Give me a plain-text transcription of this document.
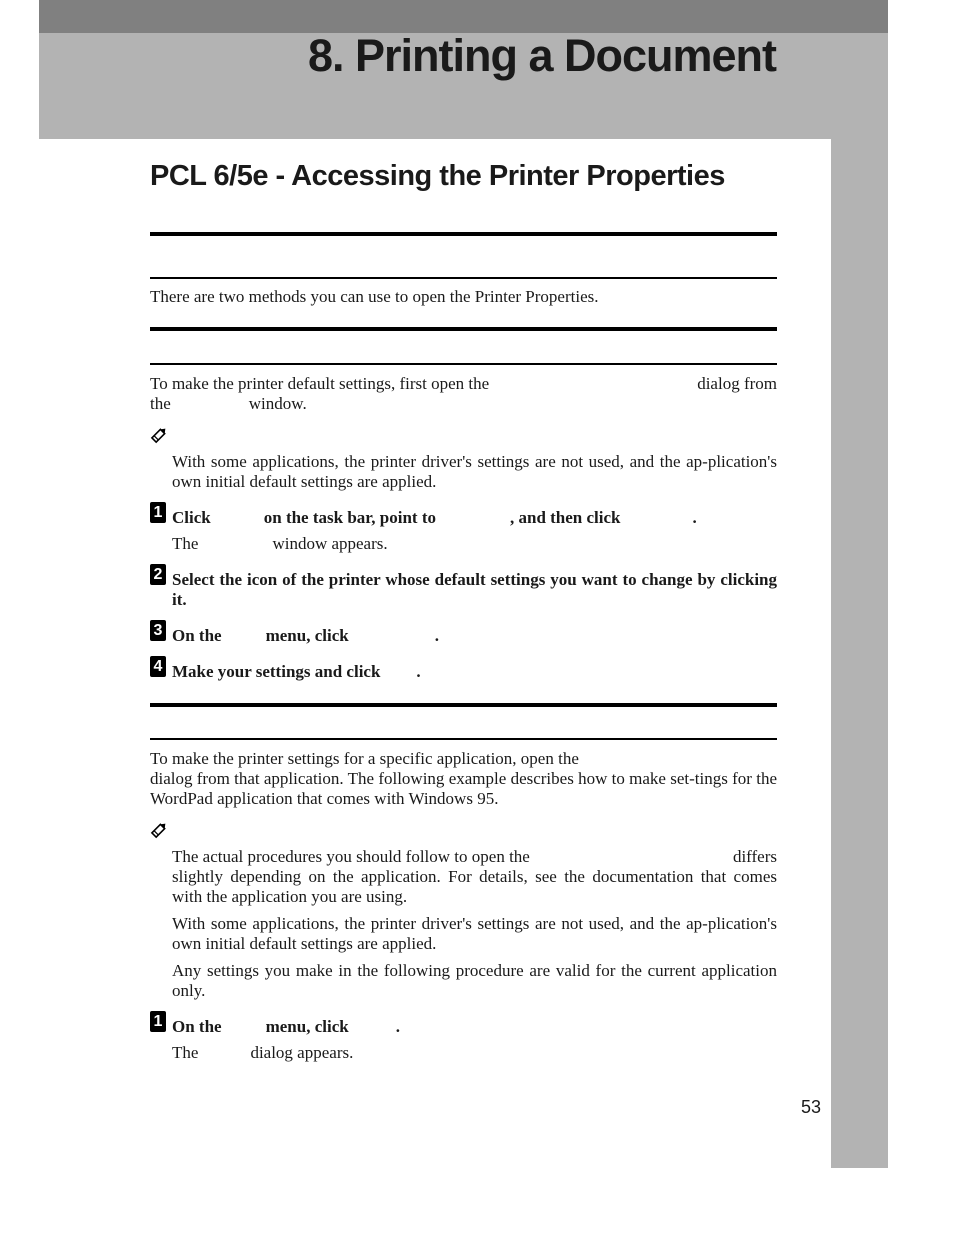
8. Printing a Document
PCL 6/5e - Accessing the Printer Properties

There are two methods you can use to open the Printer Properties.

To make the printer default settings, first open the	dialog from
the	window.

With some applications, the printer driver's settings are not used, and the ap-plication's own initial default settings are applied.

1 Click	on the task bar, point to	, and then click	.

The	window appears.

2 Select the icon of the printer whose default settings you want to change by clicking it.

3 On the	menu, click	.

4 Make your settings and click .

To make the printer settings for a specific application, open the

dialog from that application. The following example describes how to make set-tings for the WordPad application that comes with Windows 95.

The actual procedures you should follow to open the	differs

slightly depending on the application. For details, see the documentation that comes with the application you are using.

With some applications, the printer driver's settings are not used, and the ap-plication's own initial default settings are applied.

Any settings you make in the following procedure are valid for the current application only.

1 On the	menu, click	.

The	dialog appears.

53
